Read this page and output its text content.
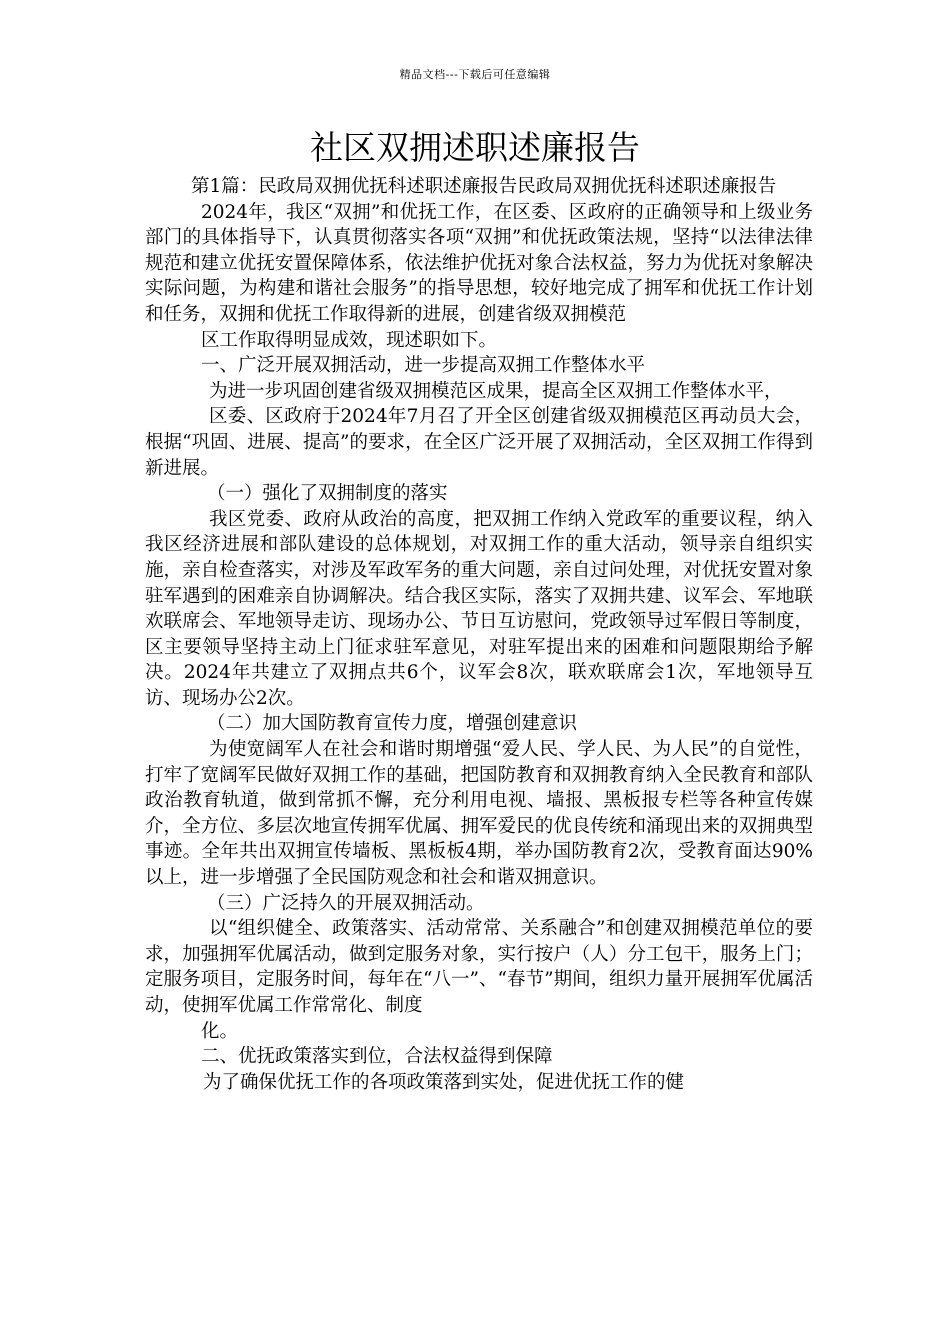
精品文档---下载后可任意编辑
社区双拥述职述廉报告

第1篇：民政局双拥优抚科述职述廉报告民政局双拥优抚科述职述廉报告

2024年，我区“双拥”和优抚工作，在区委、区政府的正确领导和上级业务部门的具体指导下，认真贯彻落实各项“双拥”和优抚政策法规，坚持“以法律法律规范和建立优抚安置保障体系，依法维护优抚对象合法权益，努力为优抚对象解决实际问题，为构建和谐社会服务”的指导思想，较好地完成了拥军和优抚工作计划和任务，双拥和优抚工作取得新的进展，创建省级双拥模范

区工作取得明显成效，现述职如下。

一、广泛开展双拥活动，进一步提高双拥工作整体水平

为进一步巩固创建省级双拥模范区成果，提高全区双拥工作整体水平，

区委、区政府于2024年7月召了开全区创建省级双拥模范区再动员大会，根据“巩固、进展、提高”的要求，在全区广泛开展了双拥活动，全区双拥工作得到新进展。

（一）强化了双拥制度的落实

我区党委、政府从政治的高度，把双拥工作纳入党政军的重要议程，纳入我区经济进展和部队建设的总体规划，对双拥工作的重大活动，领导亲自组织实施，亲自检查落实，对涉及军政军务的重大问题，亲自过问处理，对优抚安置对象驻军遇到的困难亲自协调解决。结合我区实际，落实了双拥共建、议军会、军地联欢联席会、军地领导走访、现场办公、节日互访慰问，党政领导过军假日等制度，区主要领导坚持主动上门征求驻军意见，对驻军提出来的困难和问题限期给予解决。2024年共建立了双拥点共6个，议军会8次，联欢联席会1次，军地领导互访、现场办公2次。

（二）加大国防教育宣传力度，增强创建意识

为使宽阔军人在社会和谐时期增强“爱人民、学人民、为人民”的自觉性，打牢了宽阔军民做好双拥工作的基础，把国防教育和双拥教育纳入全民教育和部队政治教育轨道，做到常抓不懈，充分利用电视、墙报、黑板报专栏等各种宣传媒介，全方位、多层次地宣传拥军优属、拥军爱民的优良传统和涌现出来的双拥典型事迹。全年共出双拥宣传墙板、黑板板4期，举办国防教育2次，受教育面达90%以上，进一步增强了全民国防观念和社会和谐双拥意识。

（三）广泛持久的开展双拥活动。

以“组织健全、政策落实、活动常常、关系融合”和创建双拥模范单位的要求，加强拥军优属活动，做到定服务对象，实行按户（人）分工包干，服务上门；定服务项目，定服务时间，每年在“八一”、“春节”期间，组织力量开展拥军优属活动，使拥军优属工作常常化、制度

化。

二、优抚政策落实到位，合法权益得到保障

为了确保优抚工作的各项政策落到实处，促进优抚工作的健
